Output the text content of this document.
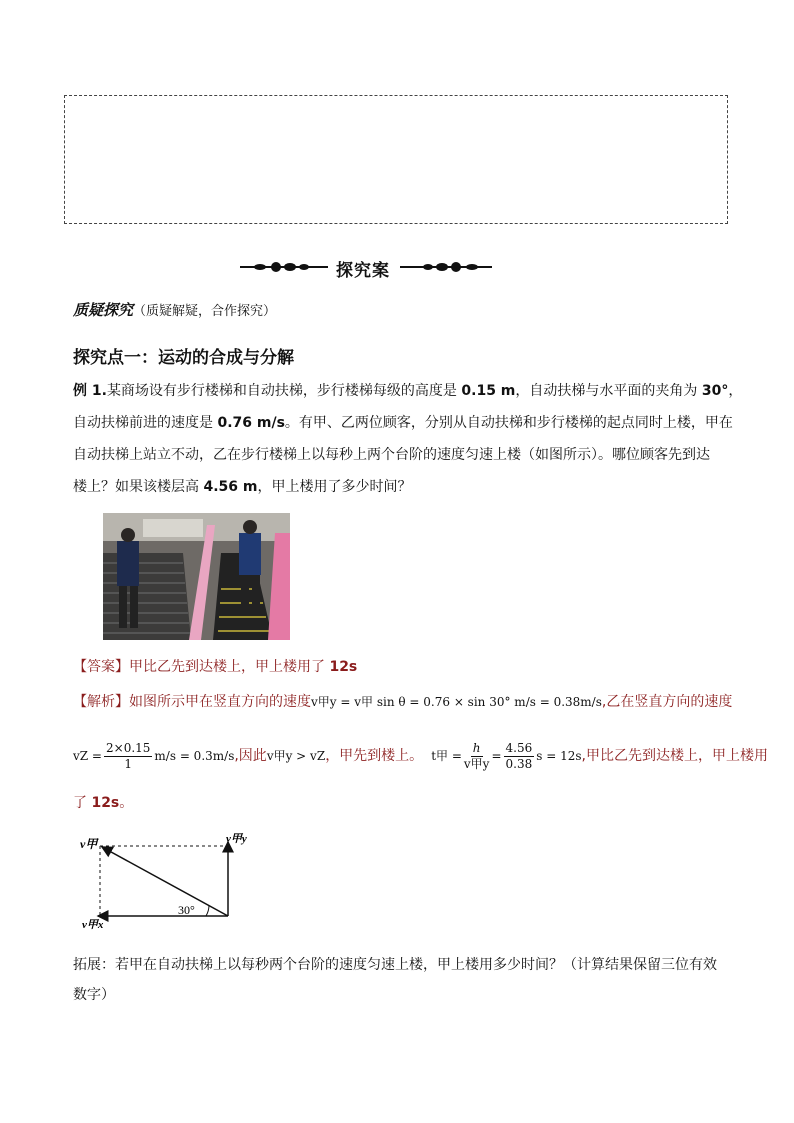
探究案
质疑探究（质疑解疑，合作探究）
探究点一：运动的合成与分解
例 1.某商场设有步行楼梯和自动扶梯，步行楼梯每级的高度是 0.15 m，自动扶梯与水平面的夹角为 30°，
自动扶梯前进的速度是 0.76 m/s。有甲、乙两位顾客，分别从自动扶梯和步行楼梯的起点同时上楼，甲在
自动扶梯上站立不动，乙在步行楼梯上以每秒上两个台阶的速度匀速上楼（如图所示）。哪位顾客先到达
楼上？如果该楼层高 4.56 m，甲上楼用了多少时间？
【答案】甲比乙先到达楼上，甲上楼用了 12s
【解析】如图所示甲在竖直方向的速度v甲y = v甲 sin θ = 0.76 × sin 30° m/s = 0.38m/s,乙在竖直方向的速度
vZ = $\frac{2\times 0.15}{1} m/s = 0.3m/s$ ,因此 v甲y > vZ ，甲先到楼上。 t甲 =
h
v甲y
= $\frac{4.56}{0.38}$ s = 12s ,甲比乙先到达楼上，甲上楼用
了 12s。
v甲	v甲y
v甲x
30°
拓展：若甲在自动扶梯上以每秒两个台阶的速度匀速上楼，甲上楼用多少时间？（计算结果保留三位有效
数字）
